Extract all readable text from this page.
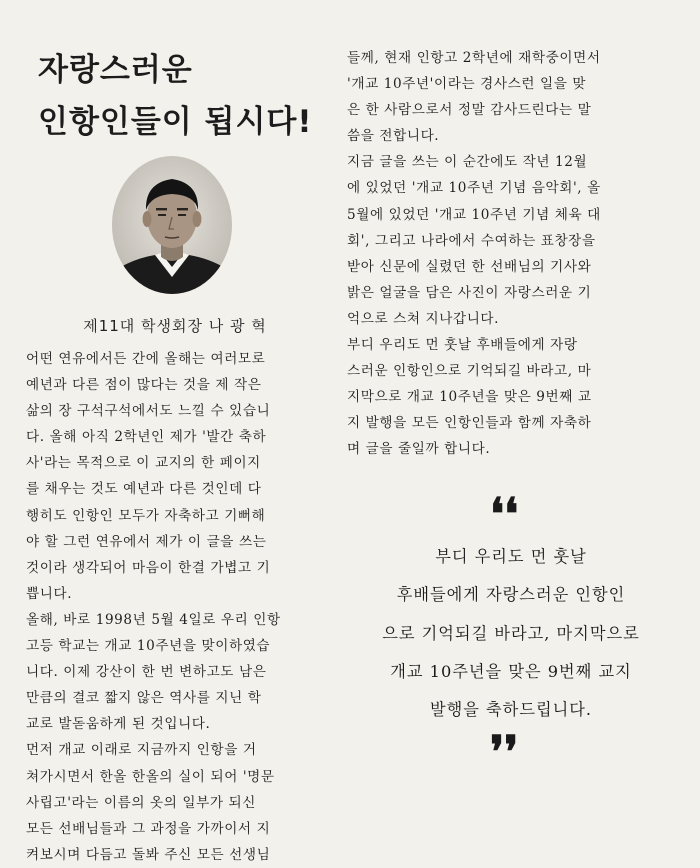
자랑스러운
인항인들이 됩시다!
제11대 학생회장 나 광 혁
어떤 연유에서든 간에 올해는 여러모로
예년과 다른 점이 많다는 것을 제 작은
삶의 장 구석구석에서도 느낄 수 있습니
다. 올해 아직 2학년인 제가 '발간 축하
사'라는 목적으로 이 교지의 한 페이지
를 채우는 것도 예년과 다른 것인데 다
행히도 인항인 모두가 자축하고 기뻐해
야 할 그런 연유에서 제가 이 글을 쓰는
것이라 생각되어 마음이 한결 가볍고 기
쁩니다.
올해, 바로 1998년 5월 4일로 우리 인항
고등 학교는 개교 10주년을 맞이하였습
니다. 이제 강산이 한 번 변하고도 남은
만큼의 결코 짧지 않은 역사를 지닌 학
교로 발돋움하게 된 것입니다.
먼저 개교 이래로 지금까지 인항을 거
쳐가시면서 한올 한올의 실이 되어 '명문
사립고'라는 이름의 옷의 일부가 되신
모든 선배님들과 그 과정을 가까이서 지
켜보시며 다듬고 돌봐 주신 모든 선생님
들께, 현재 인항고 2학년에 재학중이면서
'개교 10주년'이라는 경사스런 일을 맞
은 한 사람으로서 정말 감사드린다는 말
씀을 전합니다.
지금 글을 쓰는 이 순간에도 작년 12월
에 있었던 '개교 10주년 기념 음악회', 올
5월에 있었던 '개교 10주년 기념 체육 대
회', 그리고 나라에서 수여하는 표창장을
받아 신문에 실렸던 한 선배님의 기사와
밝은 얼굴을 담은 사진이 자랑스러운 기
억으로 스쳐 지나갑니다.
부디 우리도 먼 훗날 후배들에게 자랑
스러운 인항인으로 기억되길 바라고, 마
지막으로 개교 10주년을 맞은 9번째 교
지 발행을 모든 인항인들과 함께 자축하
며 글을 줄일까 합니다.
❛❛
부디 우리도 먼 훗날
후배들에게 자랑스러운 인항인
으로 기억되길 바라고, 마지막으로
개교 10주년을 맞은 9번째 교지
발행을 축하드립니다.
❜❜
